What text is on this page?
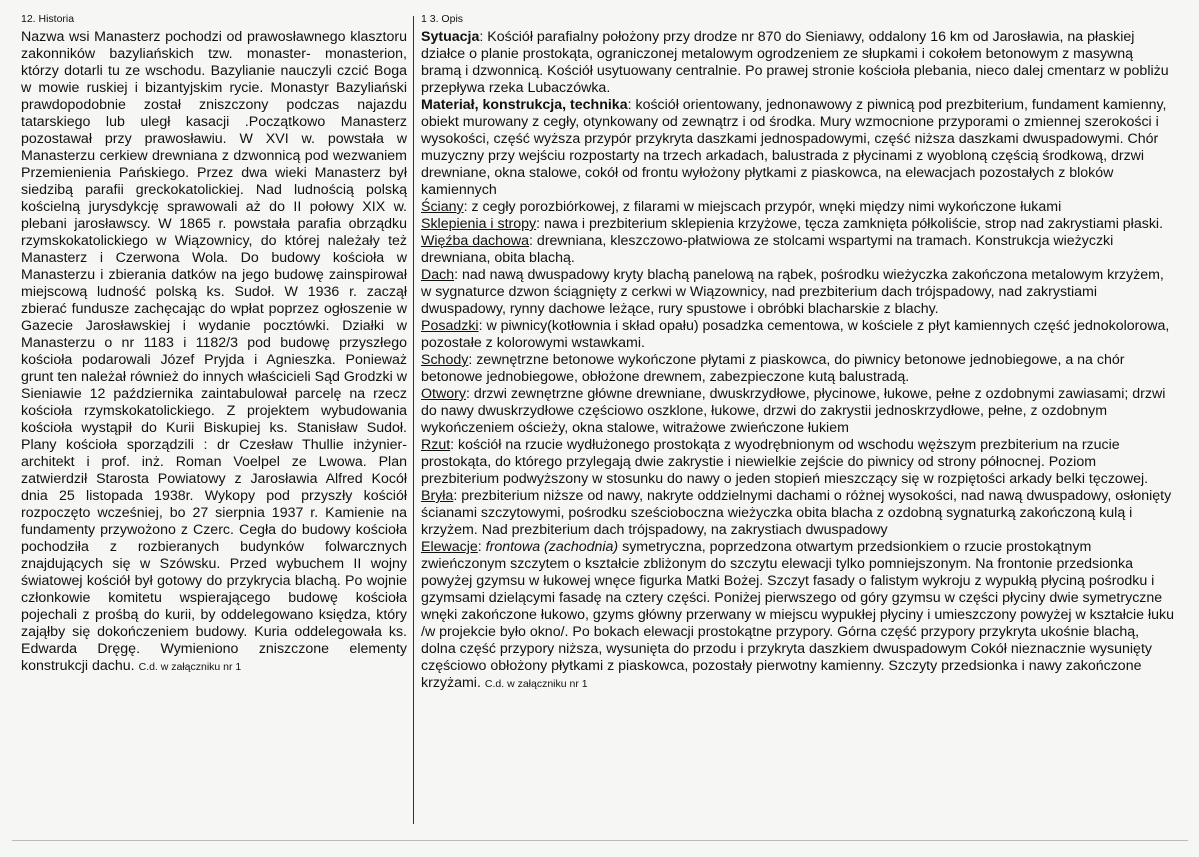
12. Historia

Nazwa wsi Manasterz pochodzi od prawosławnego klasztoru zakonników bazyliańskich tzw. monaster- monasterion, którzy dotarli tu ze wschodu. Bazylianie nauczyli czcić Boga w mowie ruskiej i bizantyjskim rycie. Monastyr Bazyliański prawdopodobnie został zniszczony podczas najazdu tatarskiego lub uległ kasacji .Początkowo Manasterz pozostawał przy prawosławiu. W XVI w. powstała w Manasterzu cerkiew drewniana z dzwonnicą pod wezwaniem Przemienienia Pańskiego. Przez dwa wieki Manasterz był siedzibą parafii greckokatolickiej. Nad ludnością polską kościelną jurysdykcję sprawowali aż do II połowy XIX w. plebani jarosławscy. W 1865 r. powstała parafia obrządku rzymskokatolickiego w Wiązownicy, do której należały też Manasterz i Czerwona Wola. Do budowy kościoła w Manasterzu i zbierania datków na jego budowę zainspirował miejscową ludność polską ks. Sudoł. W 1936 r. zaczął zbierać fundusze zachęcając do wpłat poprzez ogłoszenie w Gazecie Jarosławskiej i wydanie pocztówki. Działki w Manasterzu o nr 1183 i 1182/3 pod budowę przyszłego kościoła podarowali Józef Pryjda i Agnieszka. Ponieważ grunt ten należał również do innych właścicieli Sąd Grodzki w Sieniawie 12 października zaintabulował parcelę na rzecz kościoła rzymskokatolickiego. Z projektem wybudowania kościoła wystąpił do Kurii Biskupiej ks. Stanisław Sudoł. Plany kościoła sporządzili : dr Czesław Thullie inżynier-architekt i prof. inż. Roman Voelpel ze Lwowa. Plan zatwierdził Starosta Powiatowy z Jarosławia Alfred Kocół dnia 25 listopada 1938r. Wykopy pod przyszły kościół rozpoczęto wcześniej, bo 27 sierpnia 1937 r. Kamienie na fundamenty przywożono z Czerc. Cegła do budowy kościoła pochodziła z rozbieranych budynków folwarcznych znajdujących się w Szówsku. Przed wybuchem II wojny światowej kościół był gotowy do przykrycia blachą. Po wojnie członkowie komitetu wspierającego budowę kościoła pojechali z prośbą do kurii, by oddelegowano księdza, który zająłby się dokończeniem budowy. Kuria oddelegowała ks. Edwarda Dręgę. Wymieniono zniszczone elementy konstrukcji dachu. C.d. w załączniku nr 1

1 3. Opis

Sytuacja: Kościół parafialny położony przy drodze nr 870 do Sieniawy, oddalony 16 km od Jarosławia, na płaskiej działce o planie prostokąta, ograniczonej metalowym ogrodzeniem ze słupkami i cokołem betonowym z masywną bramą i dzwonnicą. Kościół usytuowany centralnie. Po prawej stronie kościoła plebania, nieco dalej cmentarz w pobliżu przepływa rzeka Lubaczówka.

Materiał, konstrukcja, technika: kościół orientowany, jednonawowy z piwnicą pod prezbiterium, fundament kamienny, obiekt murowany z cegły, otynkowany od zewnątrz i od środka. Mury wzmocnione przyporami o zmiennej szerokości i wysokości, część wyższa przypór przykryta daszkami jednospadowymi, część niższa daszkami dwuspadowymi. Chór muzyczny przy wejściu rozpostarty na trzech arkadach, balustrada z płycinami z wyobloną częścią środkową, drzwi drewniane, okna stalowe, cokół od frontu wyłożony płytkami z piaskowca, na elewacjach pozostałych z bloków kamiennych

Ściany: z cegły porozbiórkowej, z filarami w miejscach przypór, wnęki między nimi wykończone łukami

Sklepienia i stropy: nawa i prezbiterium sklepienia krzyżowe, tęcza zamknięta półkoliście, strop nad zakrystiami płaski.

Więźba dachowa: drewniana, kleszczowo-płatwiowa ze stolcami wspartymi na tramach. Konstrukcja wieżyczki drewniana, obita blachą.

Dach: nad nawą dwuspadowy kryty blachą panelową na rąbek, pośrodku wieżyczka zakończona metalowym krzyżem, w sygnaturce dzwon ściągnięty z cerkwi w Wiązownicy, nad prezbiterium dach trójspadowy, nad zakrystiami dwuspadowy, rynny dachowe leżące, rury spustowe i obróbki blacharskie z blachy.

Posadzki: w piwnicy(kotłownia i skład opału) posadzka cementowa, w kościele z płyt kamiennych część jednokolorowa, pozostałe z kolorowymi wstawkami.

Schody: zewnętrzne betonowe wykończone płytami z piaskowca, do piwnicy betonowe jednobiegowe, a na chór betonowe jednobiegowe, obłożone drewnem, zabezpieczone kutą balustradą.

Otwory: drzwi zewnętrzne główne drewniane, dwuskrzydłowe, płycinowe, łukowe, pełne z ozdobnymi zawiasami; drzwi do nawy dwuskrzydłowe częściowo oszklone, łukowe, drzwi do zakrystii jednoskrzydłowe, pełne, z ozdobnym wykończeniem ościeży, okna stalowe, witrażowe zwieńczone łukiem

Rzut: kościół na rzucie wydłużonego prostokąta z wyodrębnionym od wschodu węższym prezbiterium na rzucie prostokąta, do którego przylegają dwie zakrystie i niewielkie zejście do piwnicy od strony północnej. Poziom prezbiterium podwyższony w stosunku do nawy o jeden stopień mieszczący się w rozpiętości arkady belki tęczowej.

Bryła: prezbiterium niższe od nawy, nakryte oddzielnymi dachami o różnej wysokości, nad nawą dwuspadowy, osłonięty ścianami szczytowymi, pośrodku sześcioboczna wieżyczka obita blacha z ozdobną sygnaturką zakończoną kulą i krzyżem. Nad prezbiterium dach trójspadowy, na zakrystiach dwuspadowy

Elewacje: frontowa (zachodnia) symetryczna, poprzedzona otwartym przedsionkiem o rzucie prostokątnym zwieńczonym szczytem o kształcie zbliżonym do szczytu elewacji tylko pomniejszonym. Na frontonie przedsionka powyżej gzymsu w łukowej wnęce figurka Matki Bożej. Szczyt fasady o falistym wykroju z wypukłą płyciną pośrodku i gzymsami dzielącymi fasadę na cztery części. Poniżej pierwszego od góry gzymsu w części płyciny dwie symetryczne wnęki zakończone łukowo, gzyms główny przerwany w miejscu wypukłej płyciny i umieszczony powyżej w kształcie łuku /w projekcie było okno/. Po bokach elewacji prostokątne przypory. Górna część przypory przykryta ukośnie blachą, dolna część przypory niższa, wysunięta do przodu i przykryta daszkiem dwuspadowym Cokół nieznacznie wysunięty częściowo obłożony płytkami z piaskowca, pozostały pierwotny kamienny. Szczyty przedsionka i nawy zakończone krzyżami. C.d. w załączniku nr 1
